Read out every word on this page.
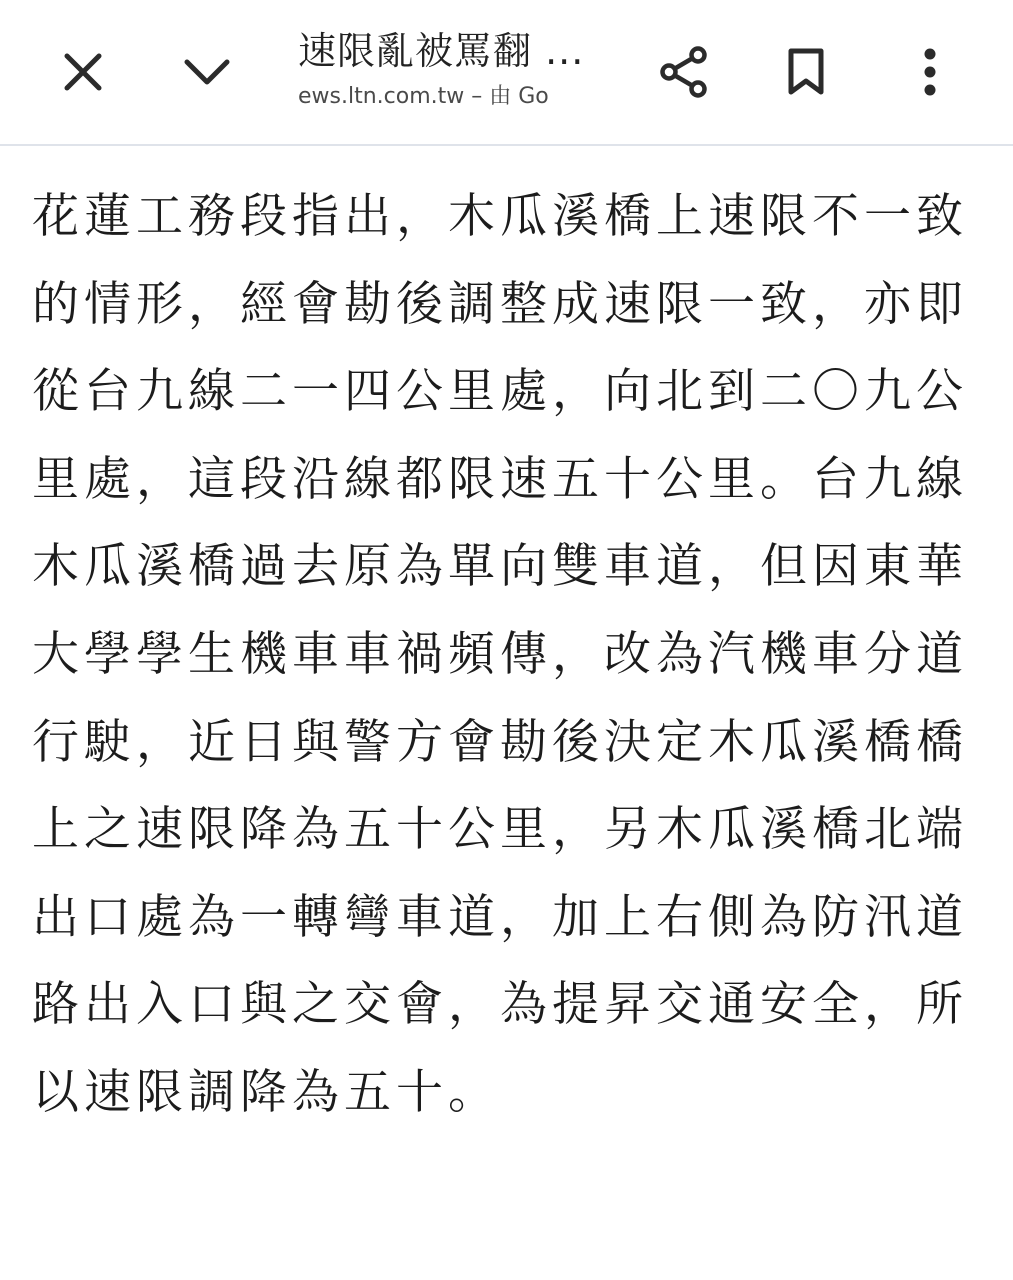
速限亂被罵翻 ...
ews.ltn.com.tw – 由 Go

花蓮工務段指出，木瓜溪橋上速限不一致的情形，經會勘後調整成速限一致，亦即從台九線二一四公里處，向北到二〇九公里處，這段沿線都限速五十公里。台九線木瓜溪橋過去原為單向雙車道，但因東華大學學生機車車禍頻傳，改為汽機車分道行駛，近日與警方會勘後決定木瓜溪橋橋上之速限降為五十公里，另木瓜溪橋北端出口處為一轉彎車道，加上右側為防汛道路出入口與之交會，為提昇交通安全，所以速限調降為五十。
